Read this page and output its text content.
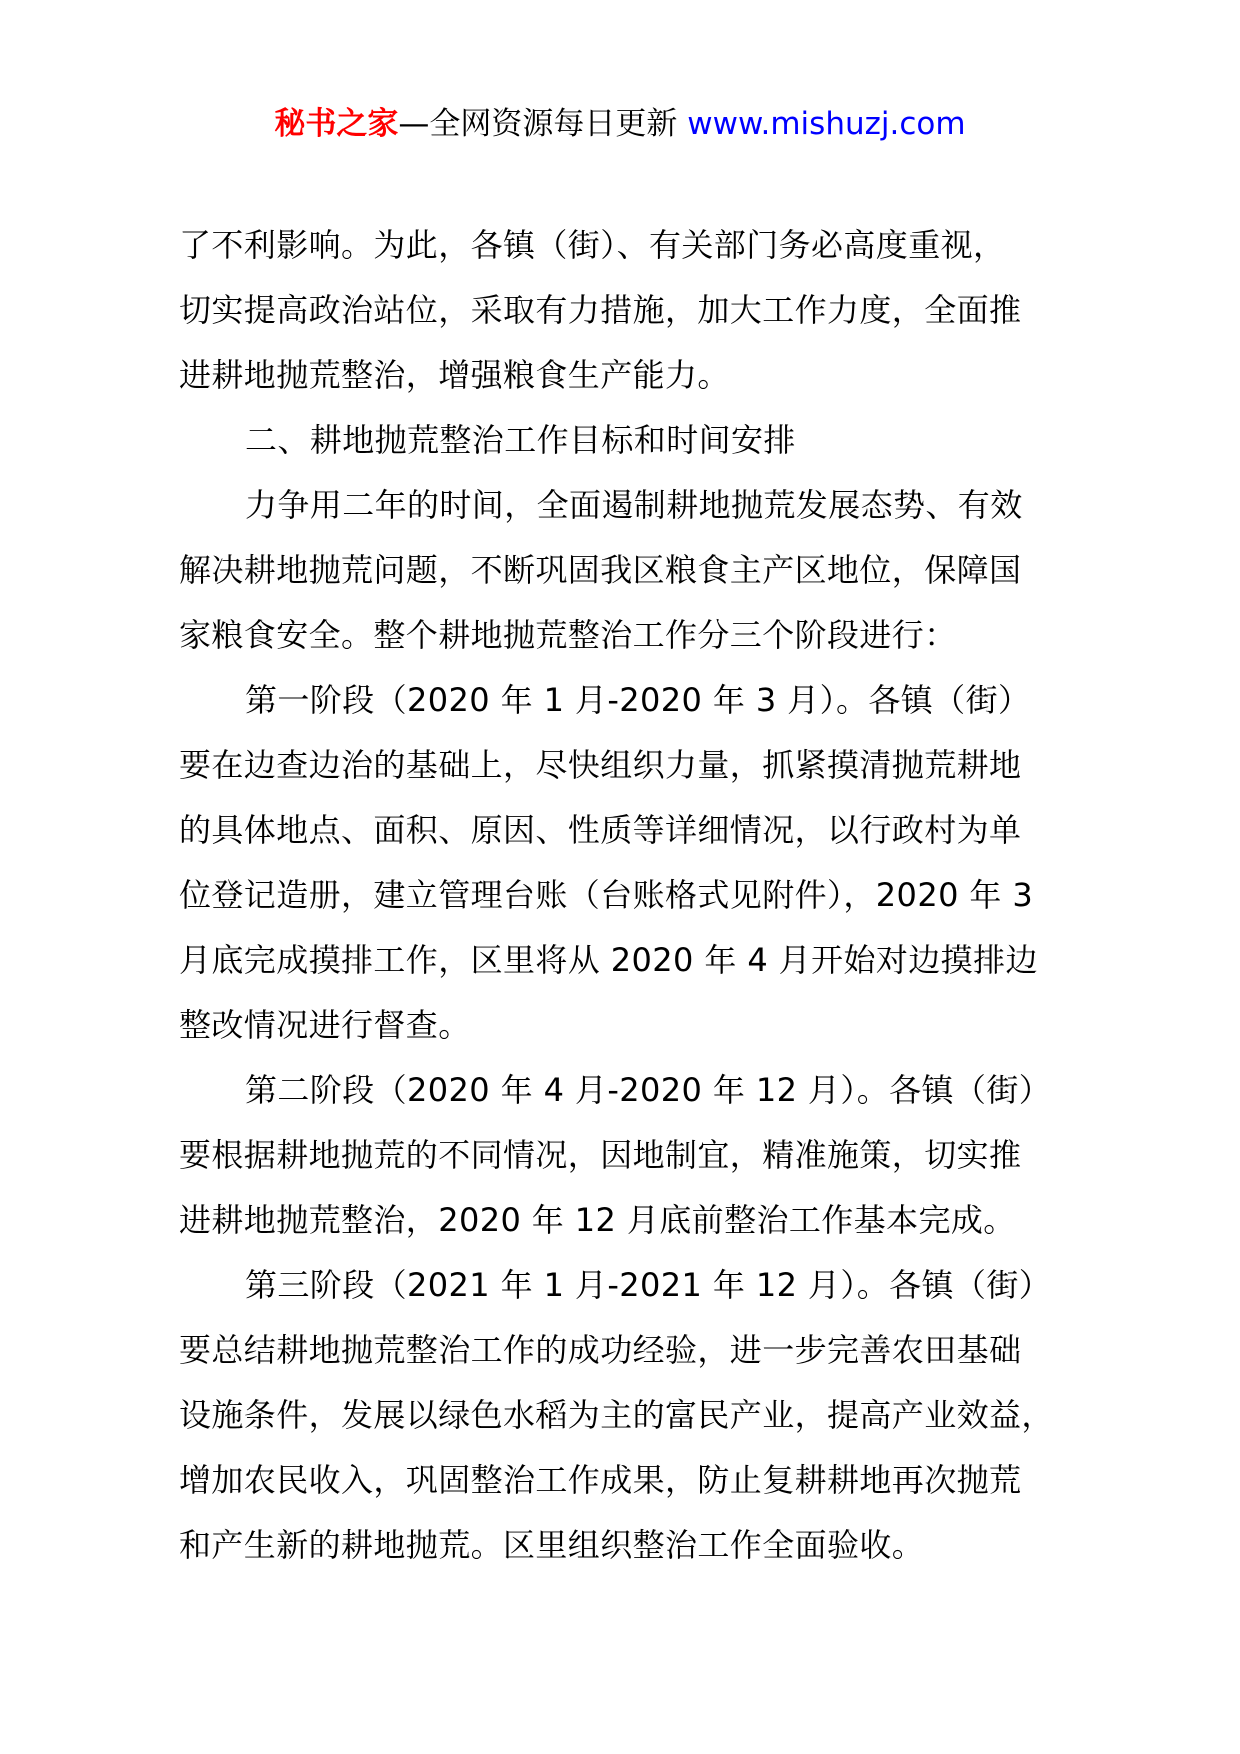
秘书之家—全网资源每日更新 www.mishuzj.com
了不利影响。为此，各镇（街）、有关部门务必高度重视，
切实提高政治站位，采取有力措施，加大工作力度，全面推
进耕地抛荒整治，增强粮食生产能力。
二、耕地抛荒整治工作目标和时间安排
力争用二年的时间，全面遏制耕地抛荒发展态势、有效
解决耕地抛荒问题，不断巩固我区粮食主产区地位，保障国
家粮食安全。整个耕地抛荒整治工作分三个阶段进行：
第一阶段（2020 年 1 月-2020 年 3 月）。各镇（街）
要在边查边治的基础上，尽快组织力量，抓紧摸清抛荒耕地
的具体地点、面积、原因、性质等详细情况，以行政村为单
位登记造册，建立管理台账（台账格式见附件），2020 年 3
月底完成摸排工作，区里将从 2020 年 4 月开始对边摸排边
整改情况进行督查。
第二阶段（2020 年 4 月-2020 年 12 月）。各镇（街）
要根据耕地抛荒的不同情况，因地制宜，精准施策，切实推
进耕地抛荒整治，2020 年 12 月底前整治工作基本完成。
第三阶段（2021 年 1 月-2021 年 12 月）。各镇（街）
要总结耕地抛荒整治工作的成功经验，进一步完善农田基础
设施条件，发展以绿色水稻为主的富民产业，提高产业效益，
增加农民收入，巩固整治工作成果，防止复耕耕地再次抛荒
和产生新的耕地抛荒。区里组织整治工作全面验收。
